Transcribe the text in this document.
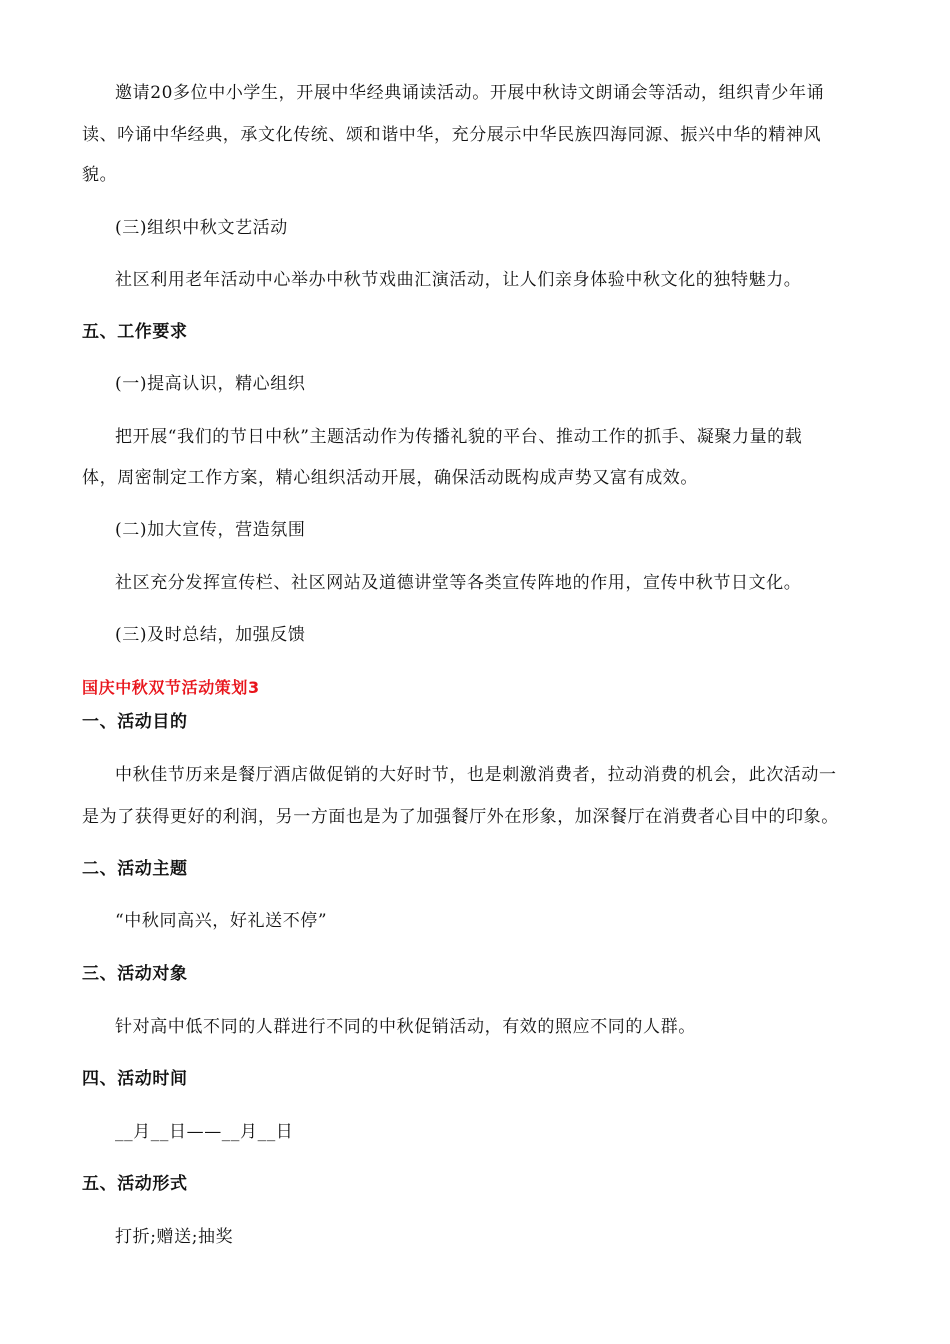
邀请20多位中小学生，开展中华经典诵读活动。开展中秋诗文朗诵会等活动，组织青少年诵
读、吟诵中华经典，承文化传统、颂和谐中华，充分展示中华民族四海同源、振兴中华的精神风
貌。
(三)组织中秋文艺活动
社区利用老年活动中心举办中秋节戏曲汇演活动，让人们亲身体验中秋文化的独特魅力。
五、工作要求
(一)提高认识，精心组织
把开展“我们的节日中秋”主题活动作为传播礼貌的平台、推动工作的抓手、凝聚力量的载
体，周密制定工作方案，精心组织活动开展，确保活动既构成声势又富有成效。
(二)加大宣传，营造氛围
社区充分发挥宣传栏、社区网站及道德讲堂等各类宣传阵地的作用，宣传中秋节日文化。
(三)及时总结，加强反馈
国庆中秋双节活动策划3
一、活动目的
中秋佳节历来是餐厅酒店做促销的大好时节，也是刺激消费者，拉动消费的机会，此次活动一
是为了获得更好的利润，另一方面也是为了加强餐厅外在形象，加深餐厅在消费者心目中的印象。
二、活动主题
“中秋同高兴，好礼送不停”
三、活动对象
针对高中低不同的人群进行不同的中秋促销活动，有效的照应不同的人群。
四、活动时间
__月__日——__月__日
五、活动形式
打折;赠送;抽奖
